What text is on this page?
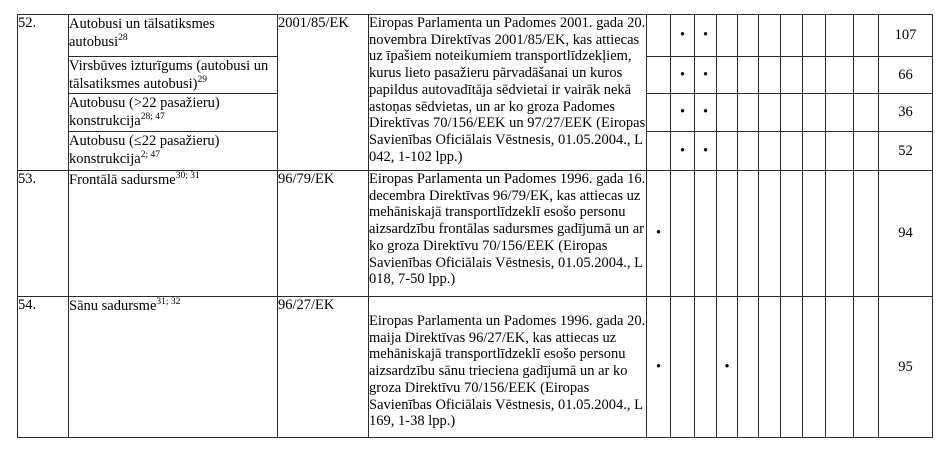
52.	Autobusi un tālsatiksmes autobusi$^{28}$	2001/85/EK	Eiropas Parlamenta un Padomes 2001. gada 20. novembra Direktīvas 2001/85/EK, kas attiecas uz īpašiem noteikumiem transportlīdzekļiem, kurus lieto pasažieru pārvadāšanai un kuros papildus autovadītāja sēdvietai ir vairāk nekā astoņas sēdvietas, un ar ko groza Padomes Direktīvas 70/156/EEK un 97/27/EEK (Eiropas Savienības Oficiālais Vēstnesis, 01.05.2004., L 042, 1-102 lpp.)		•	•								107
	Virsbūves izturīgums (autobusi un tālsatiksmes autobusi)$^{29}$				•	•								66
	Autobusu (>22 pasažieru) konstrukcija$^{28; 47}$				•	•								36
	Autobusu (≤22 pasažieru) konstrukcija$^{2; 47}$				•	•								52
53.	Frontālā sadursme$^{30; 31}$	96/79/EK	Eiropas Parlamenta un Padomes 1996. gada 16. decembra Direktīvas 96/79/EK, kas attiecas uz mehāniskajā transportlīdzeklī esošo personu aizsardzību frontālas sadursmes gadījumā un ar ko groza Direktīvu 70/156/EEK (Eiropas Savienības Oficiālais Vēstnesis, 01.05.2004., L 018, 7-50 lpp.)	•										94
54.	Sānu sadursme$^{31; 32}$	96/27/EK	Eiropas Parlamenta un Padomes 1996. gada 20. maija Direktīvas 96/27/EK, kas attiecas uz mehāniskajā transportlīdzeklī esošo personu aizsardzību sānu trieciena gadījumā un ar ko groza Direktīvu 70/156/EEK (Eiropas Savienības Oficiālais Vēstnesis, 01.05.2004., L 169, 1-38 lpp.)	•			•							95
